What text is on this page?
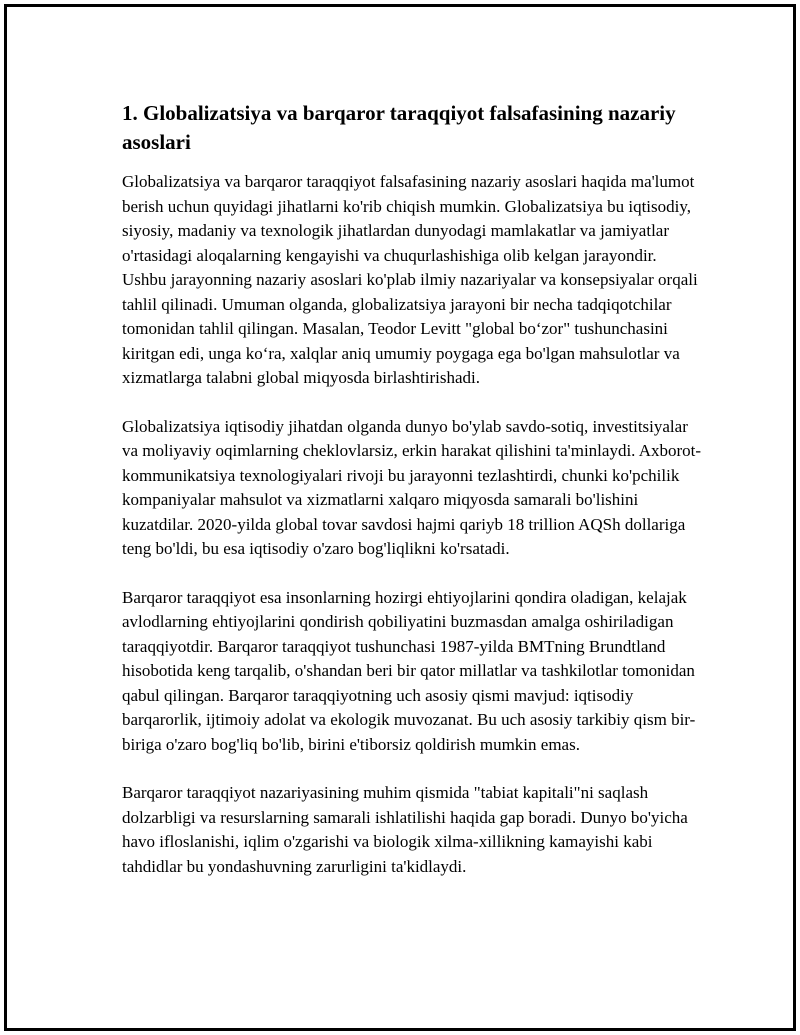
1. Globalizatsiya va barqaror taraqqiyot falsafasining nazariy asoslari

Globalizatsiya va barqaror taraqqiyot falsafasining nazariy asoslari haqida ma'lumot berish uchun quyidagi jihatlarni ko'rib chiqish mumkin. Globalizatsiya bu iqtisodiy, siyosiy, madaniy va texnologik jihatlardan dunyodagi mamlakatlar va jamiyatlar o'rtasidagi aloqalarning kengayishi va chuqurlashishiga olib kelgan jarayondir. Ushbu jarayonning nazariy asoslari ko'plab ilmiy nazariyalar va konsepsiyalar orqali tahlil qilinadi. Umuman olganda, globalizatsiya jarayoni bir necha tadqiqotchilar tomonidan tahlil qilingan. Masalan, Teodor Levitt "global bo‘zor" tushunchasini kiritgan edi, unga ko‘ra, xalqlar aniq umumiy poygaga ega bo'lgan mahsulotlar va xizmatlarga talabni global miqyosda birlashtirishadi.

Globalizatsiya iqtisodiy jihatdan olganda dunyo bo'ylab savdo-sotiq, investitsiyalar va moliyaviy oqimlarning cheklovlarsiz, erkin harakat qilishini ta'minlaydi. Axborot-kommunikatsiya texnologiyalari rivoji bu jarayonni tezlashtirdi, chunki ko'pchilik kompaniyalar mahsulot va xizmatlarni xalqaro miqyosda samarali bo'lishini kuzatdilar. 2020-yilda global tovar savdosi hajmi qariyb 18 trillion AQSh dollariga teng bo'ldi, bu esa iqtisodiy o'zaro bog'liqlikni ko'rsatadi.

Barqaror taraqqiyot esa insonlarning hozirgi ehtiyojlarini qondira oladigan, kelajak avlodlarning ehtiyojlarini qondirish qobiliyatini buzmasdan amalga oshiriladigan taraqqiyotdir. Barqaror taraqqiyot tushunchasi 1987-yilda BMTning Brundtland hisobotida keng tarqalib, o'shandan beri bir qator millatlar va tashkilotlar tomonidan qabul qilingan. Barqaror taraqqiyotning uch asosiy qismi mavjud: iqtisodiy barqarorlik, ijtimoiy adolat va ekologik muvozanat. Bu uch asosiy tarkibiy qism bir-biriga o'zaro bog'liq bo'lib, birini e'tiborsiz qoldirish mumkin emas.

Barqaror taraqqiyot nazariyasining muhim qismida "tabiat kapitali"ni saqlash dolzarbligi va resurslarning samarali ishlatilishi haqida gap boradi. Dunyo bo'yicha havo ifloslanishi, iqlim o'zgarishi va biologik xilma-xillikning kamayishi kabi tahdidlar bu yondashuvning zarurligini ta'kidlaydi.
